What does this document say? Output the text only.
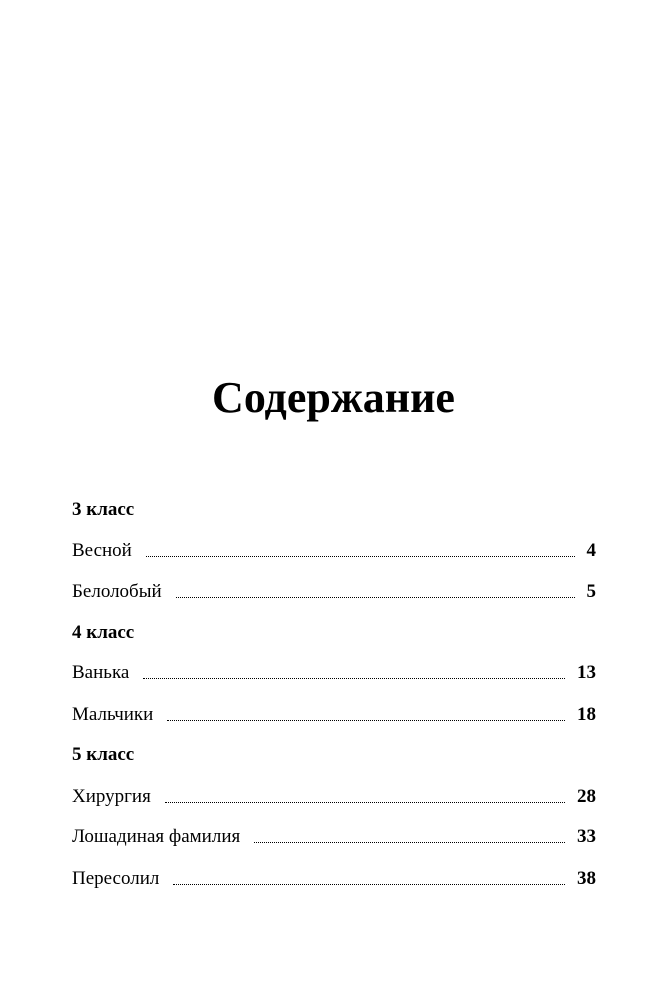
Содержание
3 класс
Весной	4
Белолобый	5
4 класс
Ванька	13
Мальчики	18
5 класс
Хирургия	28
Лошадиная фамилия	33
Пересолил	38
